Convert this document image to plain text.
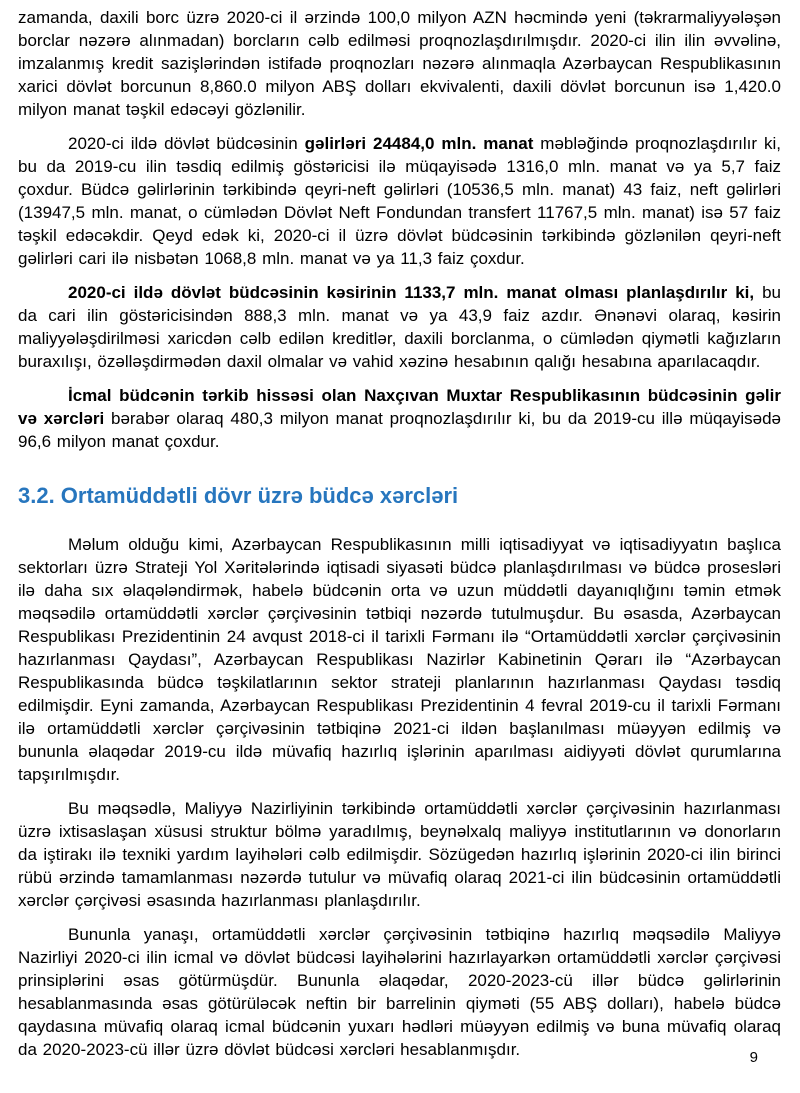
zamanda, daxili borc üzrə 2020-ci il ərzində 100,0 milyon AZN həcmində yeni (təkrarmaliyyələşən borclar nəzərə alınmadan) borcların cəlb edilməsi proqnozlaşdırılmışdır. 2020-ci ilin ilin əvvəlinə, imzalanmış kredit sazişlərindən istifadə proqnozları nəzərə alınmaqla Azərbaycan Respublikasının xarici dövlət borcunun 8,860.0 milyon ABŞ dolları ekvivalenti, daxili dövlət borcunun isə 1,420.0 milyon manat təşkil edəcəyi gözlənilir.

2020-ci ildə dövlət büdcəsinin gəlirləri 24484,0 mln. manat məbləğində proqnozlaşdırılır ki, bu da 2019-cu ilin təsdiq edilmiş göstəricisi ilə müqayisədə 1316,0 mln. manat və ya 5,7 faiz çoxdur. Büdcə gəlirlərinin tərkibində qeyri-neft gəlirləri (10536,5 mln. manat) 43 faiz, neft gəlirləri (13947,5 mln. manat, o cümlədən Dövlət Neft Fondundan transfert 11767,5 mln. manat) isə 57 faiz təşkil edəcəkdir. Qeyd edək ki, 2020-ci il üzrə dövlət büdcəsinin tərkibində gözlənilən qeyri-neft gəlirləri cari ilə nisbətən 1068,8 mln. manat və ya 11,3 faiz çoxdur.

2020-ci ildə dövlət büdcəsinin kəsirinin 1133,7 mln. manat olması planlaşdırılır ki, bu da cari ilin göstəricisindən 888,3 mln. manat və ya 43,9 faiz azdır. Ənənəvi olaraq, kəsirin maliyyələşdirilməsi xaricdən cəlb edilən kreditlər, daxili borclanma, o cümlədən qiymətli kağızların buraxılışı, özəlləşdirmədən daxil olmalar və vahid xəzinə hesabının qalığı hesabına aparılacaqdır.

İcmal büdcənin tərkib hissəsi olan Naxçıvan Muxtar Respublikasının büdcəsinin gəlir və xərcləri bərabər olaraq 480,3 milyon manat proqnozlaşdırılır ki, bu da 2019-cu illə müqayisədə 96,6 milyon manat çoxdur.

3.2. Ortamüddətli dövr üzrə büdcə xərcləri

Məlum olduğu kimi, Azərbaycan Respublikasının milli iqtisadiyyat və iqtisadiyyatın başlıca sektorları üzrə Strateji Yol Xəritələrində iqtisadi siyasəti büdcə planlaşdırılması və büdcə prosesləri ilə daha sıx əlaqələndirmək, habelə büdcənin orta və uzun müddətli dayanıqlığını təmin etmək məqsədilə ortamüddətli xərclər çərçivəsinin tətbiqi nəzərdə tutulmuşdur. Bu əsasda, Azərbaycan Respublikası Prezidentinin 24 avqust 2018-ci il tarixli Fərmanı ilə “Ortamüddətli xərclər çərçivəsinin hazırlanması Qaydası”, Azərbaycan Respublikası Nazirlər Kabinetinin Qərarı ilə “Azərbaycan Respublikasında büdcə təşkilatlarının sektor strateji planlarının hazırlanması Qaydası təsdiq edilmişdir. Eyni zamanda, Azərbaycan Respublikası Prezidentinin 4 fevral 2019-cu il tarixli Fərmanı ilə ortamüddətli xərclər çərçivəsinin tətbiqinə 2021-ci ildən başlanılması müəyyən edilmiş və bununla əlaqədar 2019-cu ildə müvafiq hazırlıq işlərinin aparılması aidiyyəti dövlət qurumlarına tapşırılmışdır.

Bu məqsədlə, Maliyyə Nazirliyinin tərkibində ortamüddətli xərclər çərçivəsinin hazırlanması üzrə ixtisaslaşan xüsusi struktur bölmə yaradılmış, beynəlxalq maliyyə institutlarının və donorların da iştirakı ilə texniki yardım layihələri cəlb edilmişdir. Sözügedən hazırlıq işlərinin 2020-ci ilin birinci rübü ərzində tamamlanması nəzərdə tutulur və müvafiq olaraq 2021-ci ilin büdcəsinin ortamüddətli xərclər çərçivəsi əsasında hazırlanması planlaşdırılır.

Bununla yanaşı, ortamüddətli xərclər çərçivəsinin tətbiqinə hazırlıq məqsədilə Maliyyə Nazirliyi 2020-ci ilin icmal və dövlət büdcəsi layihələrini hazırlayarkən ortamüddətli xərclər çərçivəsi prinsiplərini əsas götürmüşdür. Bununla əlaqədar, 2020-2023-cü illər büdcə gəlirlərinin hesablanmasında əsas götürüləcək neftin bir barrelinin qiyməti (55 ABŞ dolları), habelə büdcə qaydasına müvafiq olaraq icmal büdcənin yuxarı hədləri müəyyən edilmiş və buna müvafiq olaraq da 2020-2023-cü illər üzrə dövlət büdcəsi xərcləri hesablanmışdır.	9
